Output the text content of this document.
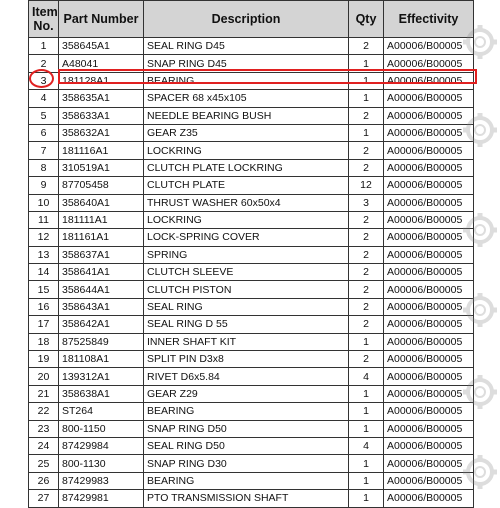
Item
No.	Part Number	Description	Qty	Effectivity
1	358645A1	SEAL RING D45	2	A00006/B00005
2	A48041	SNAP RING D45	1	A00006/B00005
3	181128A1	BEARING	1	A00006/B00005
4	358635A1	SPACER 68 x45x105	1	A00006/B00005
5	358633A1	NEEDLE BEARING BUSH	2	A00006/B00005
6	358632A1	GEAR Z35	1	A00006/B00005
7	181116A1	LOCKRING	2	A00006/B00005
8	310519A1	CLUTCH PLATE LOCKRING	2	A00006/B00005
9	87705458	CLUTCH PLATE	12	A00006/B00005
10	358640A1	THRUST WASHER 60x50x4	3	A00006/B00005
11	181111A1	LOCKRING	2	A00006/B00005
12	181161A1	LOCK-SPRING COVER	2	A00006/B00005
13	358637A1	SPRING	2	A00006/B00005
14	358641A1	CLUTCH SLEEVE	2	A00006/B00005
15	358644A1	CLUTCH PISTON	2	A00006/B00005
16	358643A1	SEAL RING	2	A00006/B00005
17	358642A1	SEAL RING D 55	2	A00006/B00005
18	87525849	INNER SHAFT KIT	1	A00006/B00005
19	181108A1	SPLIT PIN D3x8	2	A00006/B00005
20	139312A1	RIVET D6x5.84	4	A00006/B00005
21	358638A1	GEAR Z29	1	A00006/B00005
22	ST264	BEARING	1	A00006/B00005
23	800-1150	SNAP RING D50	1	A00006/B00005
24	87429984	SEAL RING D50	4	A00006/B00005
25	800-1130	SNAP RING D30	1	A00006/B00005
26	87429983	BEARING	1	A00006/B00005
27	87429981	PTO TRANSMISSION SHAFT	1	A00006/B00005
